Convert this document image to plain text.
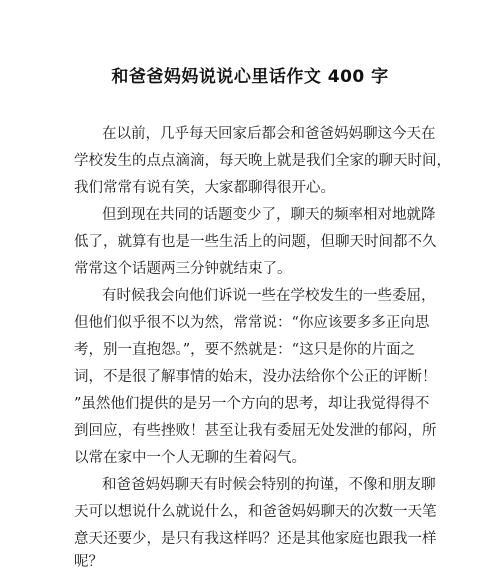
和爸爸妈妈说说心里话作文 400 字
在以前，几乎每天回家后都会和爸爸妈妈聊这今天在
学校发生的点点滴滴，每天晚上就是我们全家的聊天时间，
我们常常有说有笑，大家都聊得很开心。
但到现在共同的话题变少了，聊天的频率相对地就降
低了，就算有也是一些生活上的问题，但聊天时间都不久
常常这个话题两三分钟就结束了。
有时候我会向他们诉说一些在学校发生的一些委屈，
但他们似乎很不以为然，常常说：“你应该要多多正向思
考，别一直抱怨。”，要不然就是：“这只是你的片面之
词，不是很了解事情的始末，没办法给你个公正的评断！
”虽然他们提供的是另一个方向的思考，却让我觉得得不
到回应，有些挫败！甚至让我有委屈无处发泄的郁闷，所
以常在家中一个人无聊的生着闷气。
和爸爸妈妈聊天有时候会特别的拘谨，不像和朋友聊
天可以想说什么就说什么，和爸爸妈妈聊天的次数一天笔
意天还要少，是只有我这样吗？还是其他家庭也跟我一样
呢？
